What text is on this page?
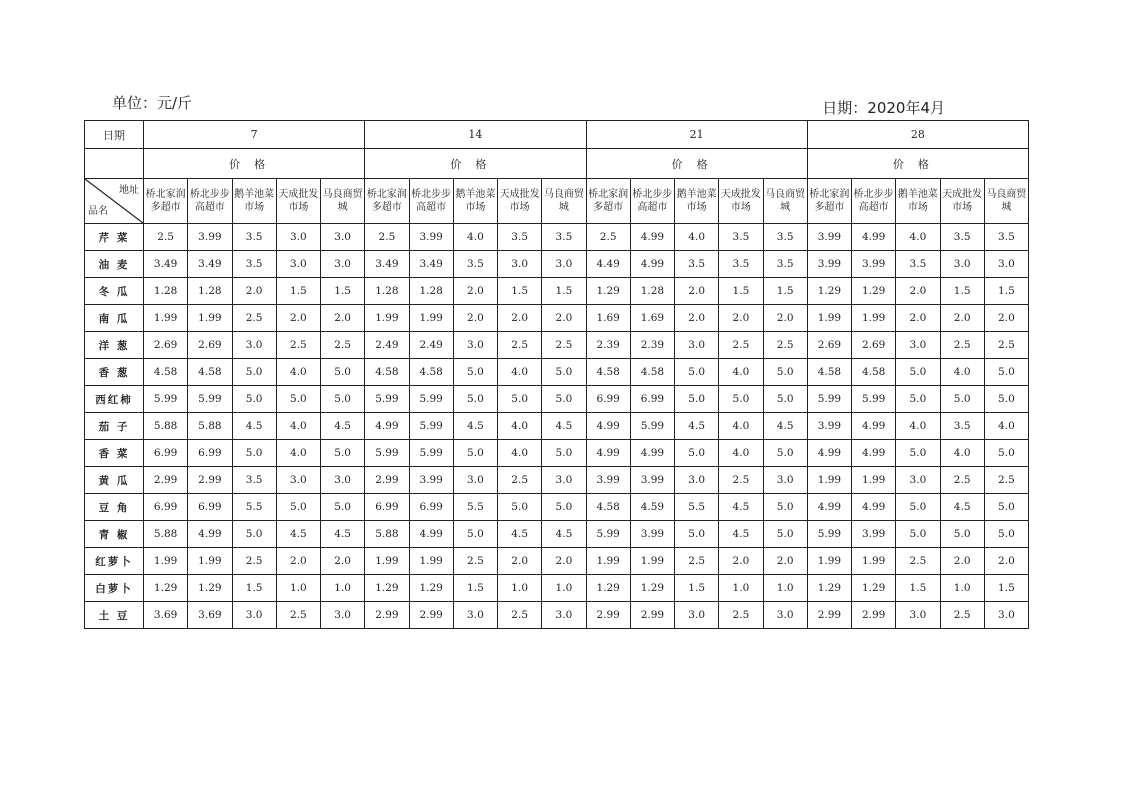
单位：元/斤	日期：2020年4月
日期	7					14					21					28				
	价格					价格					价格					价格				

地址
品名	桥北家润多超市	桥北步步高超市	鹅羊池菜市场	天成批发市场	马良商贸城	桥北家润多超市	桥北步步高超市	鹅羊池菜市场	天成批发市场	马良商贸城	桥北家润多超市	桥北步步高超市	鹅羊池菜市场	天成批发市场	马良商贸城	桥北家润多超市	桥北步步高超市	鹅羊池菜市场	天成批发市场	马良商贸城
芹 菜	2.5	3.99	3.5	3.0	3.0	2.5	3.99	4.0	3.5	3.5	2.5	4.99	4.0	3.5	3.5	3.99	4.99	4.0	3.5	3.5
油 麦	3.49	3.49	3.5	3.0	3.0	3.49	3.49	3.5	3.0	3.0	4.49	4.99	3.5	3.5	3.5	3.99	3.99	3.5	3.0	3.0
冬 瓜	1.28	1.28	2.0	1.5	1.5	1.28	1.28	2.0	1.5	1.5	1.29	1.28	2.0	1.5	1.5	1.29	1.29	2.0	1.5	1.5
南 瓜	1.99	1.99	2.5	2.0	2.0	1.99	1.99	2.0	2.0	2.0	1.69	1.69	2.0	2.0	2.0	1.99	1.99	2.0	2.0	2.0
洋 葱	2.69	2.69	3.0	2.5	2.5	2.49	2.49	3.0	2.5	2.5	2.39	2.39	3.0	2.5	2.5	2.69	2.69	3.0	2.5	2.5
香 葱	4.58	4.58	5.0	4.0	5.0	4.58	4.58	5.0	4.0	5.0	4.58	4.58	5.0	4.0	5.0	4.58	4.58	5.0	4.0	5.0
西红柿	5.99	5.99	5.0	5.0	5.0	5.99	5.99	5.0	5.0	5.0	6.99	6.99	5.0	5.0	5.0	5.99	5.99	5.0	5.0	5.0
茄 子	5.88	5.88	4.5	4.0	4.5	4.99	5.99	4.5	4.0	4.5	4.99	5.99	4.5	4.0	4.5	3.99	4.99	4.0	3.5	4.0
香 菜	6.99	6.99	5.0	4.0	5.0	5.99	5.99	5.0	4.0	5.0	4.99	4.99	5.0	4.0	5.0	4.99	4.99	5.0	4.0	5.0
黄 瓜	2.99	2.99	3.5	3.0	3.0	2.99	3.99	3.0	2.5	3.0	3.99	3.99	3.0	2.5	3.0	1.99	1.99	3.0	2.5	2.5
豆 角	6.99	6.99	5.5	5.0	5.0	6.99	6.99	5.5	5.0	5.0	4.58	4.59	5.5	4.5	5.0	4.99	4.99	5.0	4.5	5.0
青 椒	5.88	4.99	5.0	4.5	4.5	5.88	4.99	5.0	4.5	4.5	5.99	3.99	5.0	4.5	5.0	5.99	3.99	5.0	5.0	5.0
红萝卜	1.99	1.99	2.5	2.0	2.0	1.99	1.99	2.5	2.0	2.0	1.99	1.99	2.5	2.0	2.0	1.99	1.99	2.5	2.0	2.0
白萝卜	1.29	1.29	1.5	1.0	1.0	1.29	1.29	1.5	1.0	1.0	1.29	1.29	1.5	1.0	1.0	1.29	1.29	1.5	1.0	1.5
土 豆	3.69	3.69	3.0	2.5	3.0	2.99	2.99	3.0	2.5	3.0	2.99	2.99	3.0	2.5	3.0	2.99	2.99	3.0	2.5	3.0
